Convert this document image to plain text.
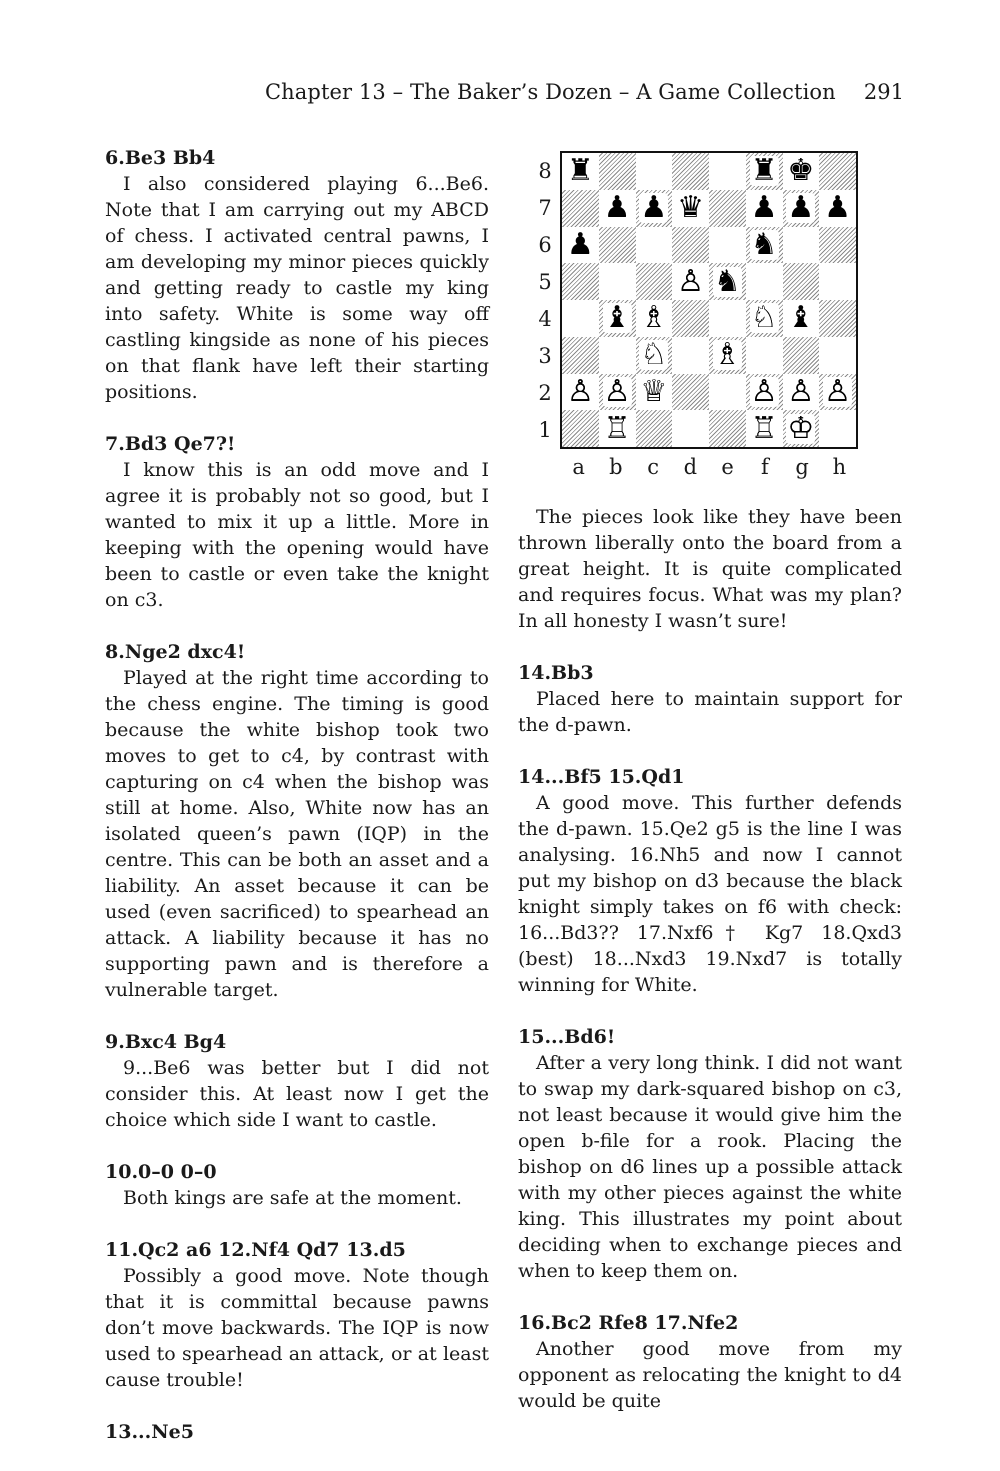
Chapter 13 – The Baker’s Dozen – A Game Collection 291

6.Be3 Bb4

I also considered playing 6...Be6. Note that I am carrying out my ABCD of chess. I activated central pawns, I am developing my minor pieces quickly and getting ready to castle my king into safety. White is some way off castling kingside as none of his pieces on that flank have left their starting positions.

7.Bd3 Qe7?!

I know this is an odd move and I agree it is probably not so good, but I wanted to mix it up a little. More in keeping with the opening would have been to castle or even take the knight on c3.

8.Nge2 dxc4!

Played at the right time according to the chess engine. The timing is good because the white bishop took two moves to get to c4, by contrast with capturing on c4 when the bishop was still at home. Also, White now has an isolated queen’s pawn (IQP) in the centre. This can be both an asset and a liability. An asset because it can be used (even sacrificed) to spearhead an attack. A liability because it has no supporting pawn and is therefore a vulnerable target.

9.Bxc4 Bg4

9...Be6 was better but I did not consider this. At least now I get the choice which side I want to castle.

10.0–0 0–0

Both kings are safe at the moment.

11.Qc2 a6 12.Nf4 Qd7 13.d5

Possibly a good move. Note though that it is committal because pawns don’t move backwards. The IQP is now used to spearhead an attack, or at least cause trouble!

13...Ne5

8
7
6
5
4
3
2
1
♜	♜ ♚
♟ ♟ ♛ ♟ ♟ ♟
♟	♞
♙ ♞
♝ ♗	♘ ♝
♘ ♗
♙ ♙ ♕	♙ ♙ ♙
♖	♖ ♔
a	b	c	d	e	f	g	h

The pieces look like they have been thrown liberally onto the board from a great height. It is quite complicated and requires focus. What was my plan? In all honesty I wasn’t sure!

14.Bb3

Placed here to maintain support for the d-pawn.

14...Bf5 15.Qd1

A good move. This further defends the d-pawn. 15.Qe2 g5 is the line I was analysing. 16.Nh5 and now I cannot put my bishop on d3 because the black knight simply takes on f6 with check: 16...Bd3?? 17.Nxf6† Kg7 18.Qxd3 (best) 18...Nxd3 19.Nxd7 is totally winning for White.

15...Bd6!

After a very long think. I did not want to swap my dark-squared bishop on c3, not least because it would give him the open b-file for a rook. Placing the bishop on d6 lines up a possible attack with my other pieces against the white king. This illustrates my point about deciding when to exchange pieces and when to keep them on.

16.Bc2 Rfe8 17.Nfe2

Another good move from my opponent as relocating the knight to d4 would be quite
